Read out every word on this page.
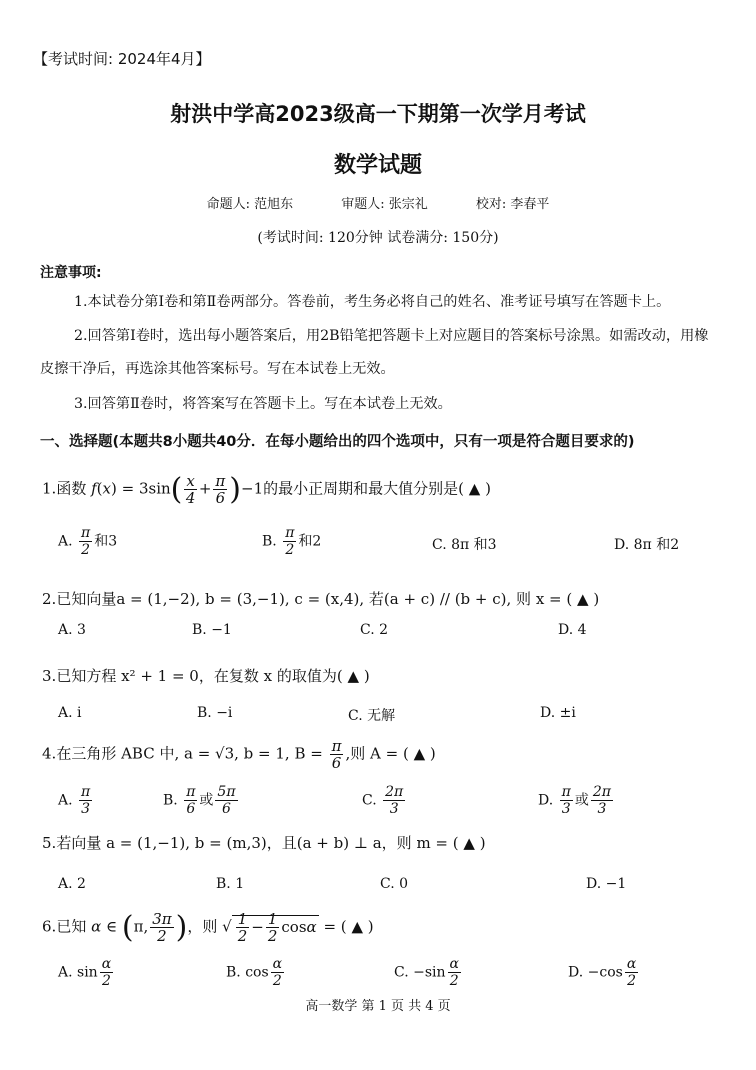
【考试时间: 2024年4月】
射洪中学高2023级高一下期第一次学月考试
数学试题
命题人: 范旭东	审题人: 张宗礼	校对: 李春平
(考试时间: 120分钟 试卷满分: 150分)
注意事项:
1.本试卷分第Ⅰ卷和第Ⅱ卷两部分。答卷前，考生务必将自己的姓名、准考证号填写在答题卡上。
2.回答第Ⅰ卷时，选出每小题答案后，用2B铅笔把答题卡上对应题目的答案标号涂黑。如需改动，用橡皮擦干净后，再选涂其他答案标号。写在本试卷上无效。
3.回答第Ⅱ卷时，将答案写在答题卡上。写在本试卷上无效。
一、选择题(本题共8小题共40分．在每小题给出的四个选项中，只有一项是符合题目要求的)
1.函数 $f(x) = 3\sin( \frac{x}{4} + \frac{\pi}{6} )-1$的最小正周期和最大值分别是( ▲ )
A. $\frac{\pi}{2}$ 和3	B. $\frac{\pi}{2}$ 和2	C. 8π 和3	D. 8π 和2
2.已知向量a = (1,−2), b = (3,−1), c = (x,4), 若(a + c) // (b + c), 则 x = ( ▲ )
A. 3	B. −1	C. 2	D. 4
3.已知方程 x² + 1 = 0，在复数 x 的取值为( ▲ )
A. i	B. −i	C. 无解	D. ±i
4.在三角形 ABC 中, a = √3, b = 1, $B = \frac{\pi}{6}$ ,则 A = ( ▲ )
A. $\frac{\pi}{3}$	B. $\frac{\pi}{6}$ 或 $\frac{5\pi}{6}$	C. $\frac{2\pi}{3}$	D. $\frac{\pi}{3}$ 或 $\frac{2\pi}{3}$
5.若向量 a = (1,−1), b = (m,3)，且(a + b) ⊥ a，则 m = ( ▲ )
A. 2	B. 1	C. 0	D. −1
6.已知 α ∈ (π, $\frac{3\pi}{2}$ )，则 √ $\frac{1}{2} - \frac{1}{2}$ cosα = ( ▲ )
A. $\sin \frac{\alpha}{2}$	B. $\cos \frac{\alpha}{2}$	C. $-\sin \frac{\alpha}{2}$	D. $-\cos \frac{\alpha}{2}$
高一数学 第 1 页 共 4 页
